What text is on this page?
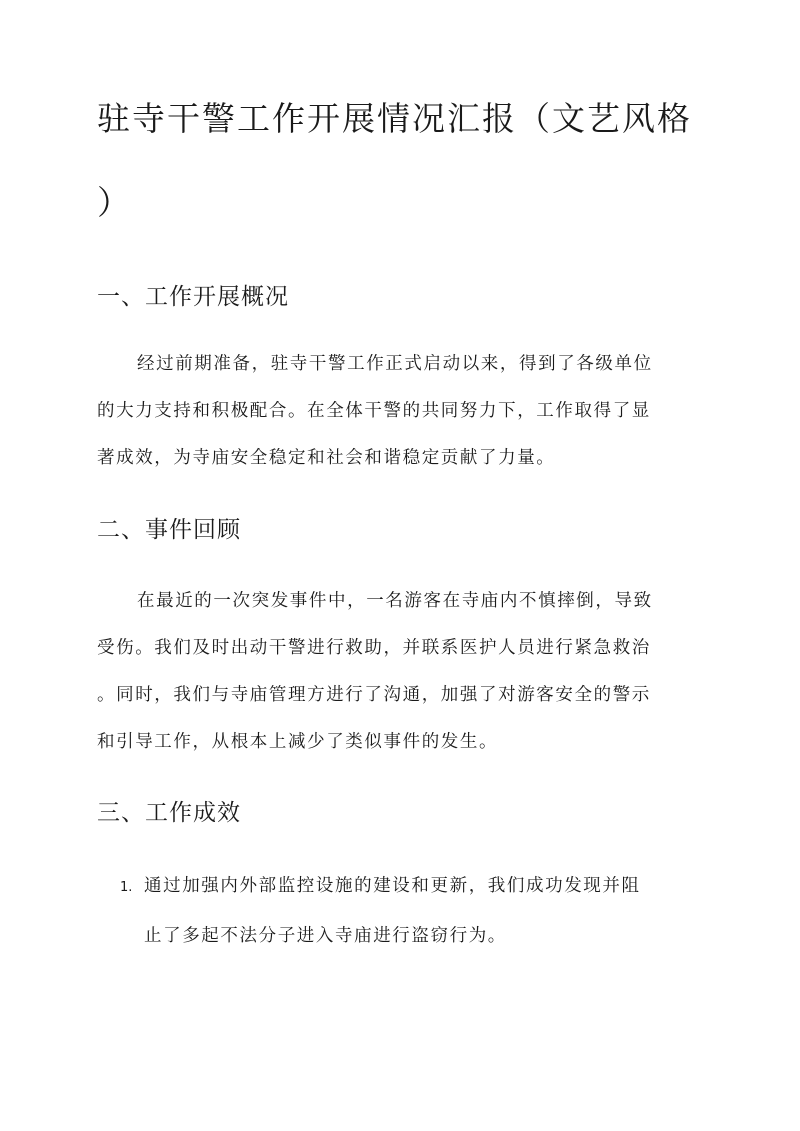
驻寺干警工作开展情况汇报（文艺风格
）
一、工作开展概况
经过前期准备，驻寺干警工作正式启动以来，得到了各级单位
的大力支持和积极配合。在全体干警的共同努力下，工作取得了显
著成效，为寺庙安全稳定和社会和谐稳定贡献了力量。
二、事件回顾
在最近的一次突发事件中，一名游客在寺庙内不慎摔倒，导致
受伤。我们及时出动干警进行救助，并联系医护人员进行紧急救治
。同时，我们与寺庙管理方进行了沟通，加强了对游客安全的警示
和引导工作，从根本上减少了类似事件的发生。
三、工作成效
1. 通过加强内外部监控设施的建设和更新，我们成功发现并阻
止了多起不法分子进入寺庙进行盗窃行为。
